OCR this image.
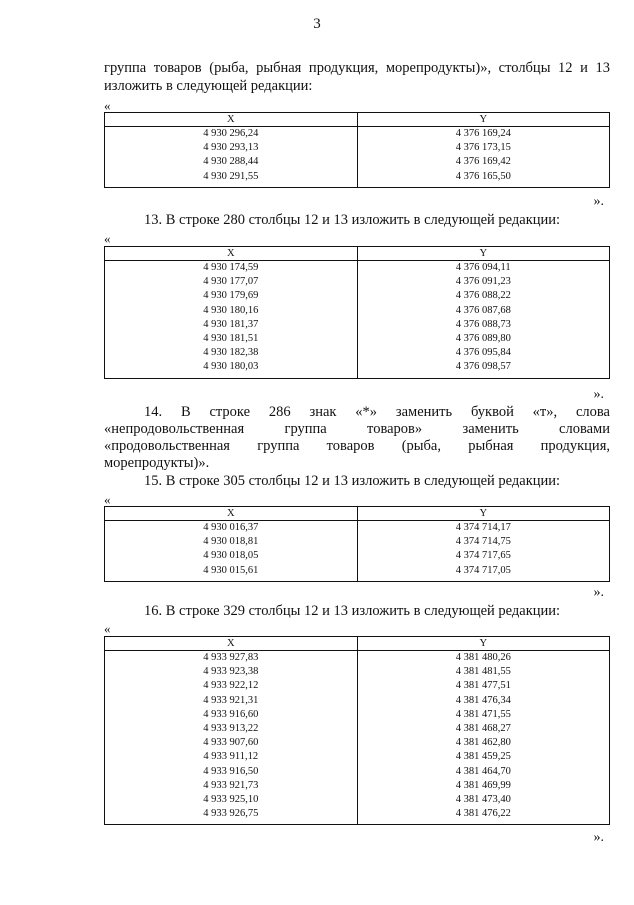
3
группа товаров (рыба, рыбная продукция, морепродукты)», столбцы 12 и 13
изложить в следующей редакции:
«
X	Y
4 930 296,24	4 376 169,24
4 930 293,13	4 376 173,15
4 930 288,44	4 376 169,42
4 930 291,55	4 376 165,50
».
13. В строке 280 столбцы 12 и 13 изложить в следующей редакции:
«
X	Y
4 930 174,59	4 376 094,11
4 930 177,07	4 376 091,23
4 930 179,69	4 376 088,22
4 930 180,16	4 376 087,68
4 930 181,37	4 376 088,73
4 930 181,51	4 376 089,80
4 930 182,38	4 376 095,84
4 930 180,03	4 376 098,57
».
14. В строке 286 знак «*» заменить буквой «т», слова
«непродовольственная группа товаров» заменить словами
«продовольственная группа товаров (рыба, рыбная продукция,
морепродукты)».
15. В строке 305 столбцы 12 и 13 изложить в следующей редакции:
«
X	Y
4 930 016,37	4 374 714,17
4 930 018,81	4 374 714,75
4 930 018,05	4 374 717,65
4 930 015,61	4 374 717,05
».
16. В строке 329 столбцы 12 и 13 изложить в следующей редакции:
«
X	Y
4 933 927,83	4 381 480,26
4 933 923,38	4 381 481,55
4 933 922,12	4 381 477,51
4 933 921,31	4 381 476,34
4 933 916,60	4 381 471,55
4 933 913,22	4 381 468,27
4 933 907,60	4 381 462,80
4 933 911,12	4 381 459,25
4 933 916,50	4 381 464,70
4 933 921,73	4 381 469,99
4 933 925,10	4 381 473,40
4 933 926,75	4 381 476,22
».
